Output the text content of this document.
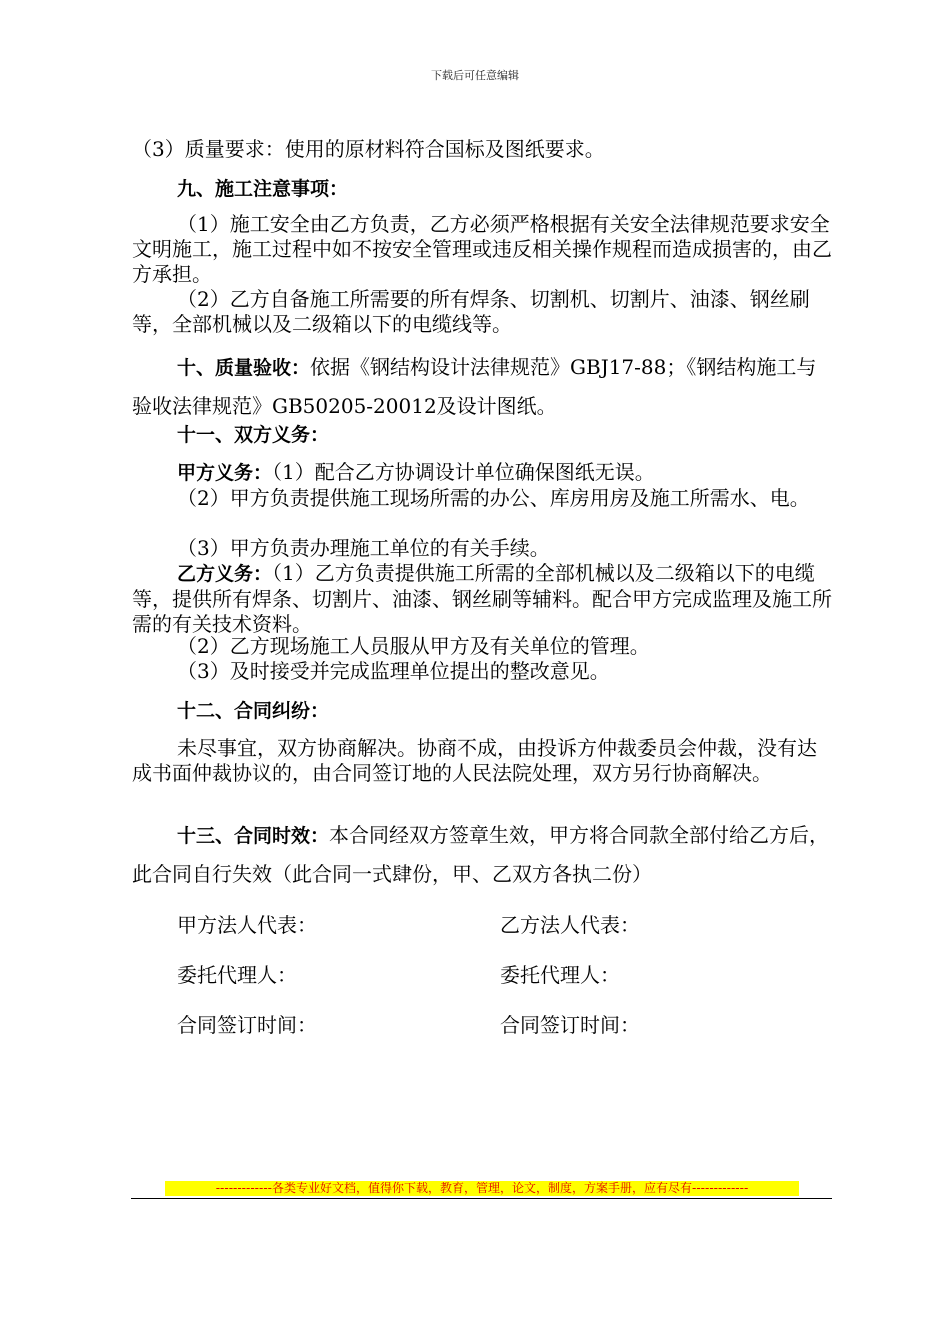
下载后可任意编辑
（3）质量要求：使用的原材料符合国标及图纸要求。
九、施工注意事项：
（1）施工安全由乙方负责，乙方必须严格根据有关安全法律规范要求安全文明施工，施工过程中如不按安全管理或违反相关操作规程而造成损害的，由乙方承担。
（2）乙方自备施工所需要的所有焊条、切割机、切割片、油漆、钢丝刷等，全部机械以及二级箱以下的电缆线等。
十、质量验收：依据《钢结构设计法律规范》GBJ17-88；《钢结构施工与验收法律规范》GB50205-20012及设计图纸。
十一、双方义务：
甲方义务：（1）配合乙方协调设计单位确保图纸无误。
（2）甲方负责提供施工现场所需的办公、库房用房及施工所需水、电。
（3）甲方负责办理施工单位的有关手续。
乙方义务：（1）乙方负责提供施工所需的全部机械以及二级箱以下的电缆等，提供所有焊条、切割片、油漆、钢丝刷等辅料。配合甲方完成监理及施工所需的有关技术资料。
（2）乙方现场施工人员服从甲方及有关单位的管理。
（3）及时接受并完成监理单位提出的整改意见。
十二、合同纠纷：
未尽事宜，双方协商解决。协商不成，由投诉方仲裁委员会仲裁，没有达成书面仲裁协议的，由合同签订地的人民法院处理，双方另行协商解决。
十三、合同时效：本合同经双方签章生效，甲方将合同款全部付给乙方后，此合同自行失效（此合同一式肆份，甲、乙双方各执二份）
甲方法人代表：	乙方法人代表：
委托代理人：	委托代理人：
合同签订时间：	合同签订时间：
-------------各类专业好文档，值得你下载，教育，管理，论文，制度，方案手册，应有尽有-------------
